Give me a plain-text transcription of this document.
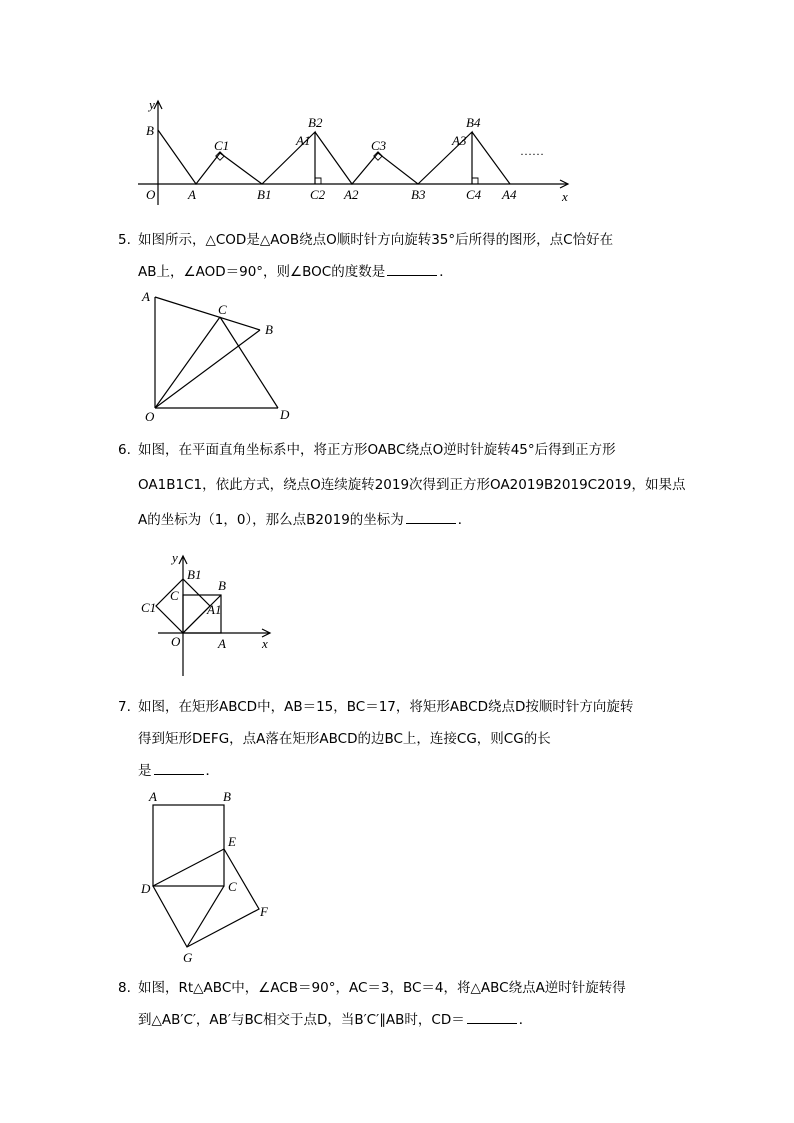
y
x
O
B
A
C1
B1
A1
B2
C2 A2
C3
B3
A3
B4
C4 A4
……
5. 如图所示，△COD是△AOB绕点O顺时针方向旋转35°后所得的图形，点C恰好在
AB上，∠AOD＝90°，则∠BOC的度数是	．
A
C
B
O	D
6. 如图，在平面直角坐标系中，将正方形OABC绕点O逆时针旋转45°后得到正方形
OA1B1C1，依此方式，绕点O连续旋转2019次得到正方形OA2019B2019C2019，如果点
A的坐标为（1，0），那么点B2019的坐标为	．
y
B1
B
C
C1	A1
O	A	x
7. 如图，在矩形ABCD中，AB＝15，BC＝17，将矩形ABCD绕点D按顺时针方向旋转
得到矩形DEFG，点A落在矩形ABCD的边BC上，连接CG，则CG的长
是	．
A	B
E
D	C
F
G
8. 如图，Rt△ABC中，∠ACB＝90°，AC＝3，BC＝4，将△ABC绕点A逆时针旋转得
到△AB′C′，AB′与BC相交于点D，当B′C′∥AB时，CD＝	．
